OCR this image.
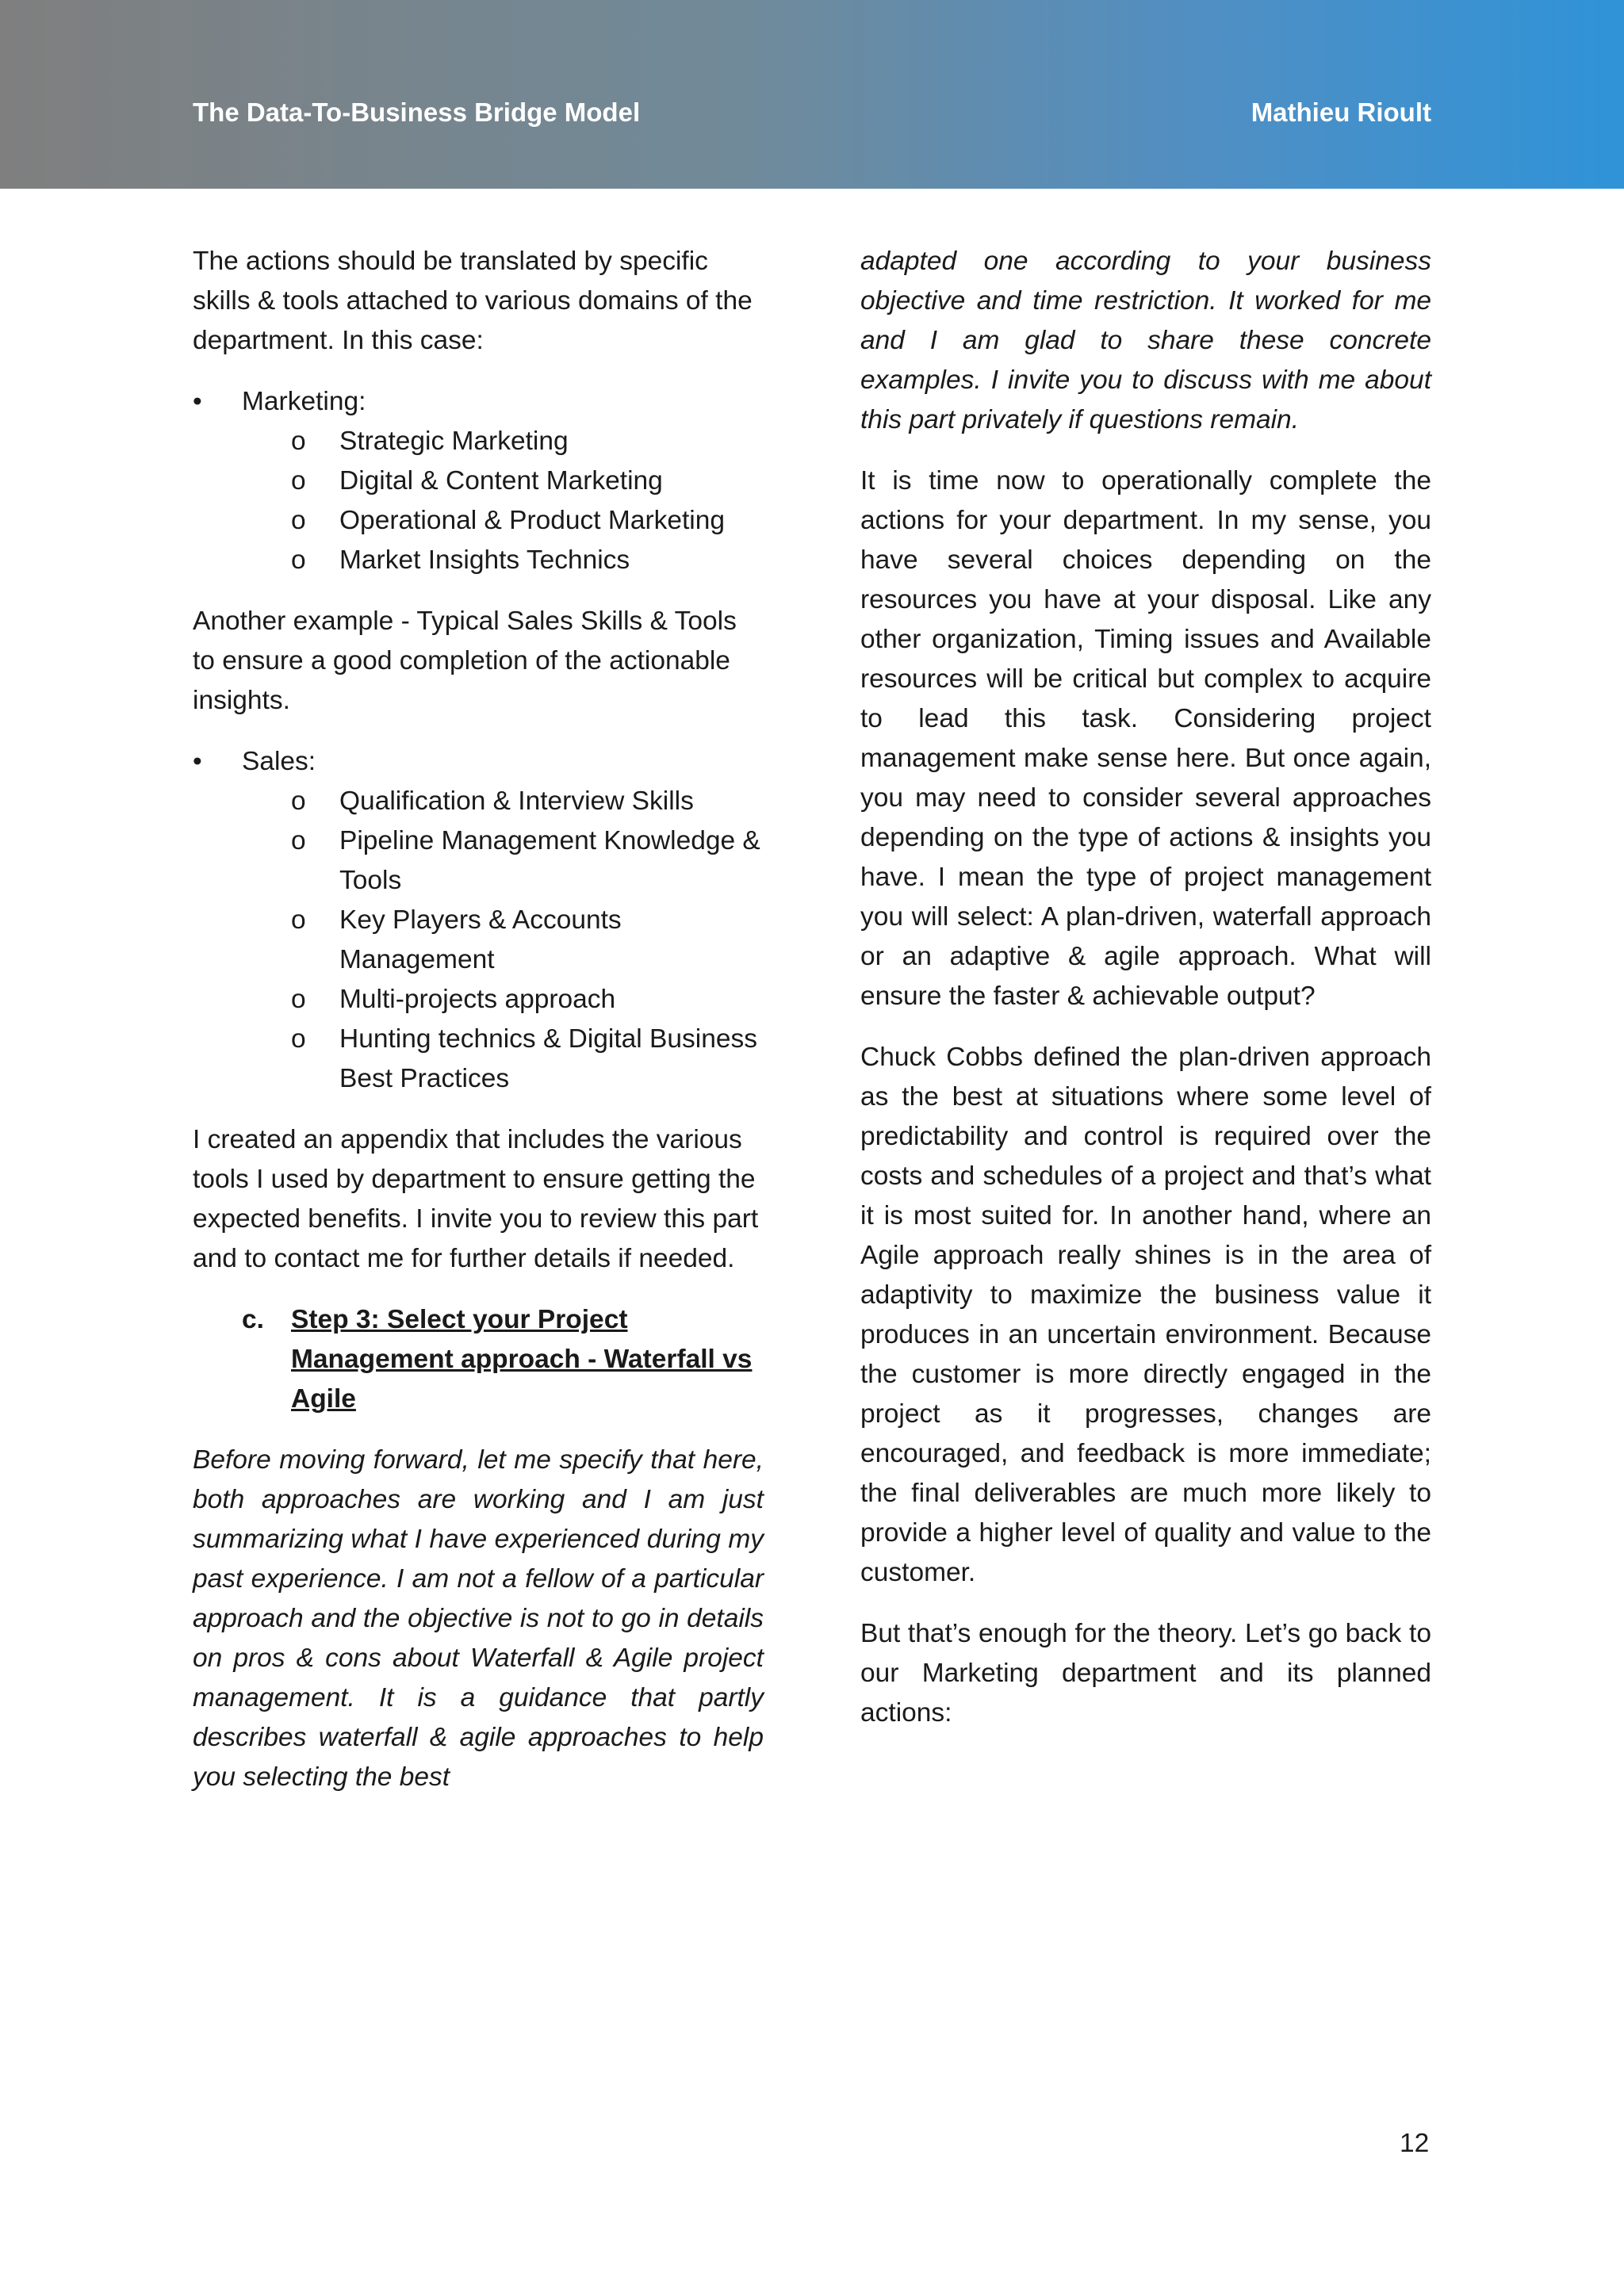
The Data-To-Business Bridge Model	Mathieu Rioult

The actions should be translated by specific skills & tools attached to various domains of the department. In this case:

• Marketing:
o Strategic Marketing
o Digital & Content Marketing
o Operational & Product Marketing
o Market Insights Technics

Another example - Typical Sales Skills & Tools to ensure a good completion of the actionable insights.

• Sales:
o Qualification & Interview Skills
o Pipeline Management Knowledge & Tools
o Key Players & Accounts Management
o Multi-projects approach
o Hunting technics & Digital Business Best Practices

I created an appendix that includes the various tools I used by department to ensure getting the expected benefits. I invite you to review this part and to contact me for further details if needed.

c. Step 3: Select your Project Management approach - Waterfall vs Agile

Before moving forward, let me specify that here, both approaches are working and I am just summarizing what I have experienced during my past experience. I am not a fellow of a particular approach and the objective is not to go in details on pros & cons about Waterfall & Agile project management. It is a guidance that partly describes waterfall & agile approaches to help you selecting the best

adapted one according to your business objective and time restriction. It worked for me and I am glad to share these concrete examples. I invite you to discuss with me about this part privately if questions remain.

It is time now to operationally complete the actions for your department. In my sense, you have several choices depending on the resources you have at your disposal. Like any other organization, Timing issues and Available resources will be critical but complex to acquire to lead this task. Considering project management make sense here. But once again, you may need to consider several approaches depending on the type of actions & insights you have. I mean the type of project management you will select: A plan-driven, waterfall approach or an adaptive & agile approach. What will ensure the faster & achievable output?

Chuck Cobbs defined the plan-driven approach as the best at situations where some level of predictability and control is required over the costs and schedules of a project and that’s what it is most suited for. In another hand, where an Agile approach really shines is in the area of adaptivity to maximize the business value it produces in an uncertain environment. Because the customer is more directly engaged in the project as it progresses, changes are encouraged, and feedback is more immediate; the final deliverables are much more likely to provide a higher level of quality and value to the customer.

But that’s enough for the theory. Let’s go back to our Marketing department and its planned actions:

12
